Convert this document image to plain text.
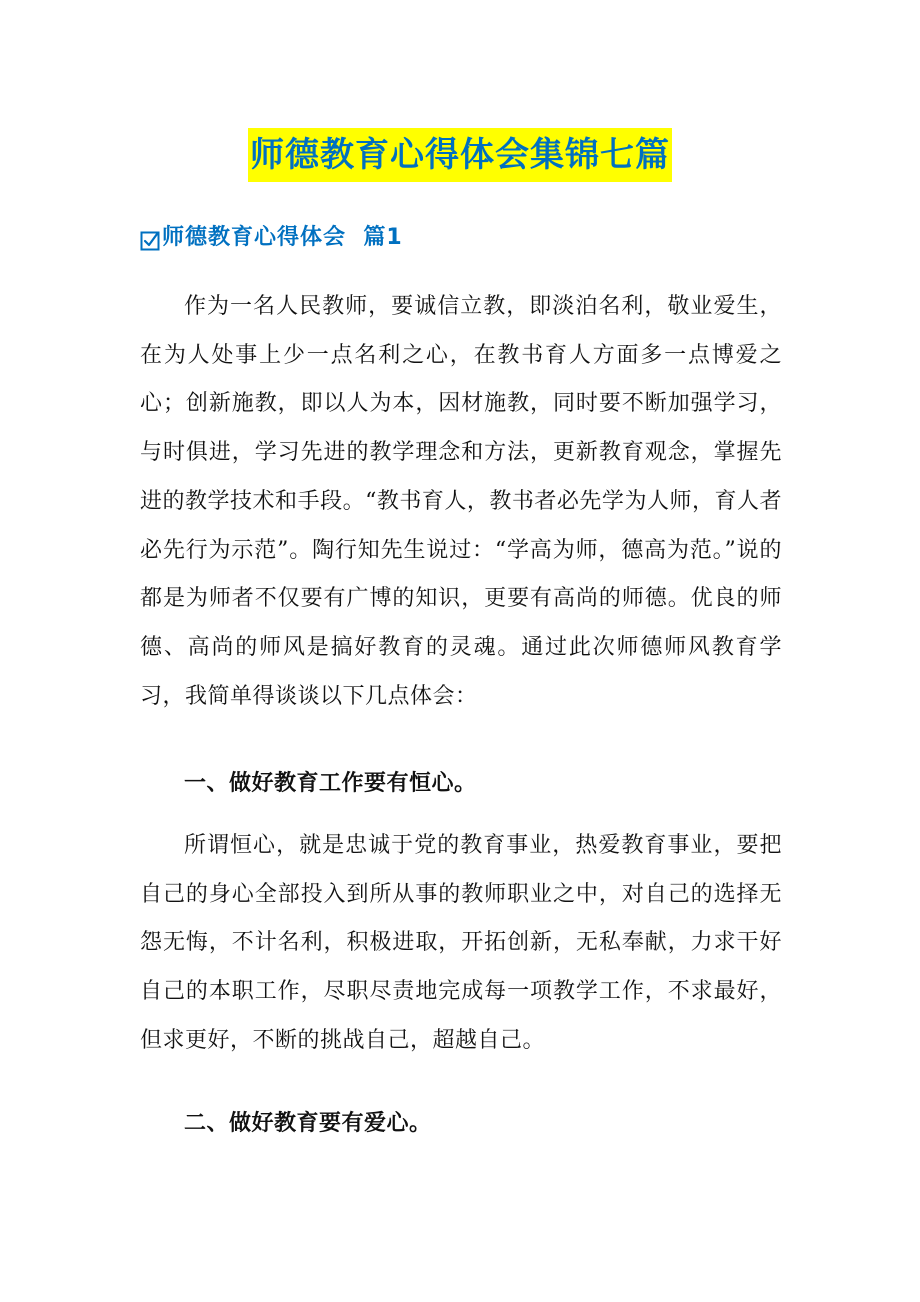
师德教育心得体会集锦七篇
师德教育心得体会  篇1

作为一名人民教师，要诚信立教，即淡泊名利，敬业爱生，在为人处事上少一点名利之心，在教书育人方面多一点博爱之心；创新施教，即以人为本，因材施教，同时要不断加强学习，与时俱进，学习先进的教学理念和方法，更新教育观念，掌握先进的教学技术和手段。“教书育人，教书者必先学为人师，育人者必先行为示范”。陶行知先生说过：“学高为师，德高为范。”说的都是为师者不仅要有广博的知识，更要有高尚的师德。优良的师德、高尚的师风是搞好教育的灵魂。通过此次师德师风教育学习，我简单得谈谈以下几点体会：

一、做好教育工作要有恒心。

所谓恒心，就是忠诚于党的教育事业，热爱教育事业，要把自己的身心全部投入到所从事的教师职业之中，对自己的选择无怨无悔，不计名利，积极进取，开拓创新，无私奉献，力求干好自己的本职工作，尽职尽责地完成每一项教学工作，不求最好，但求更好，不断的挑战自己，超越自己。

二、做好教育要有爱心。
